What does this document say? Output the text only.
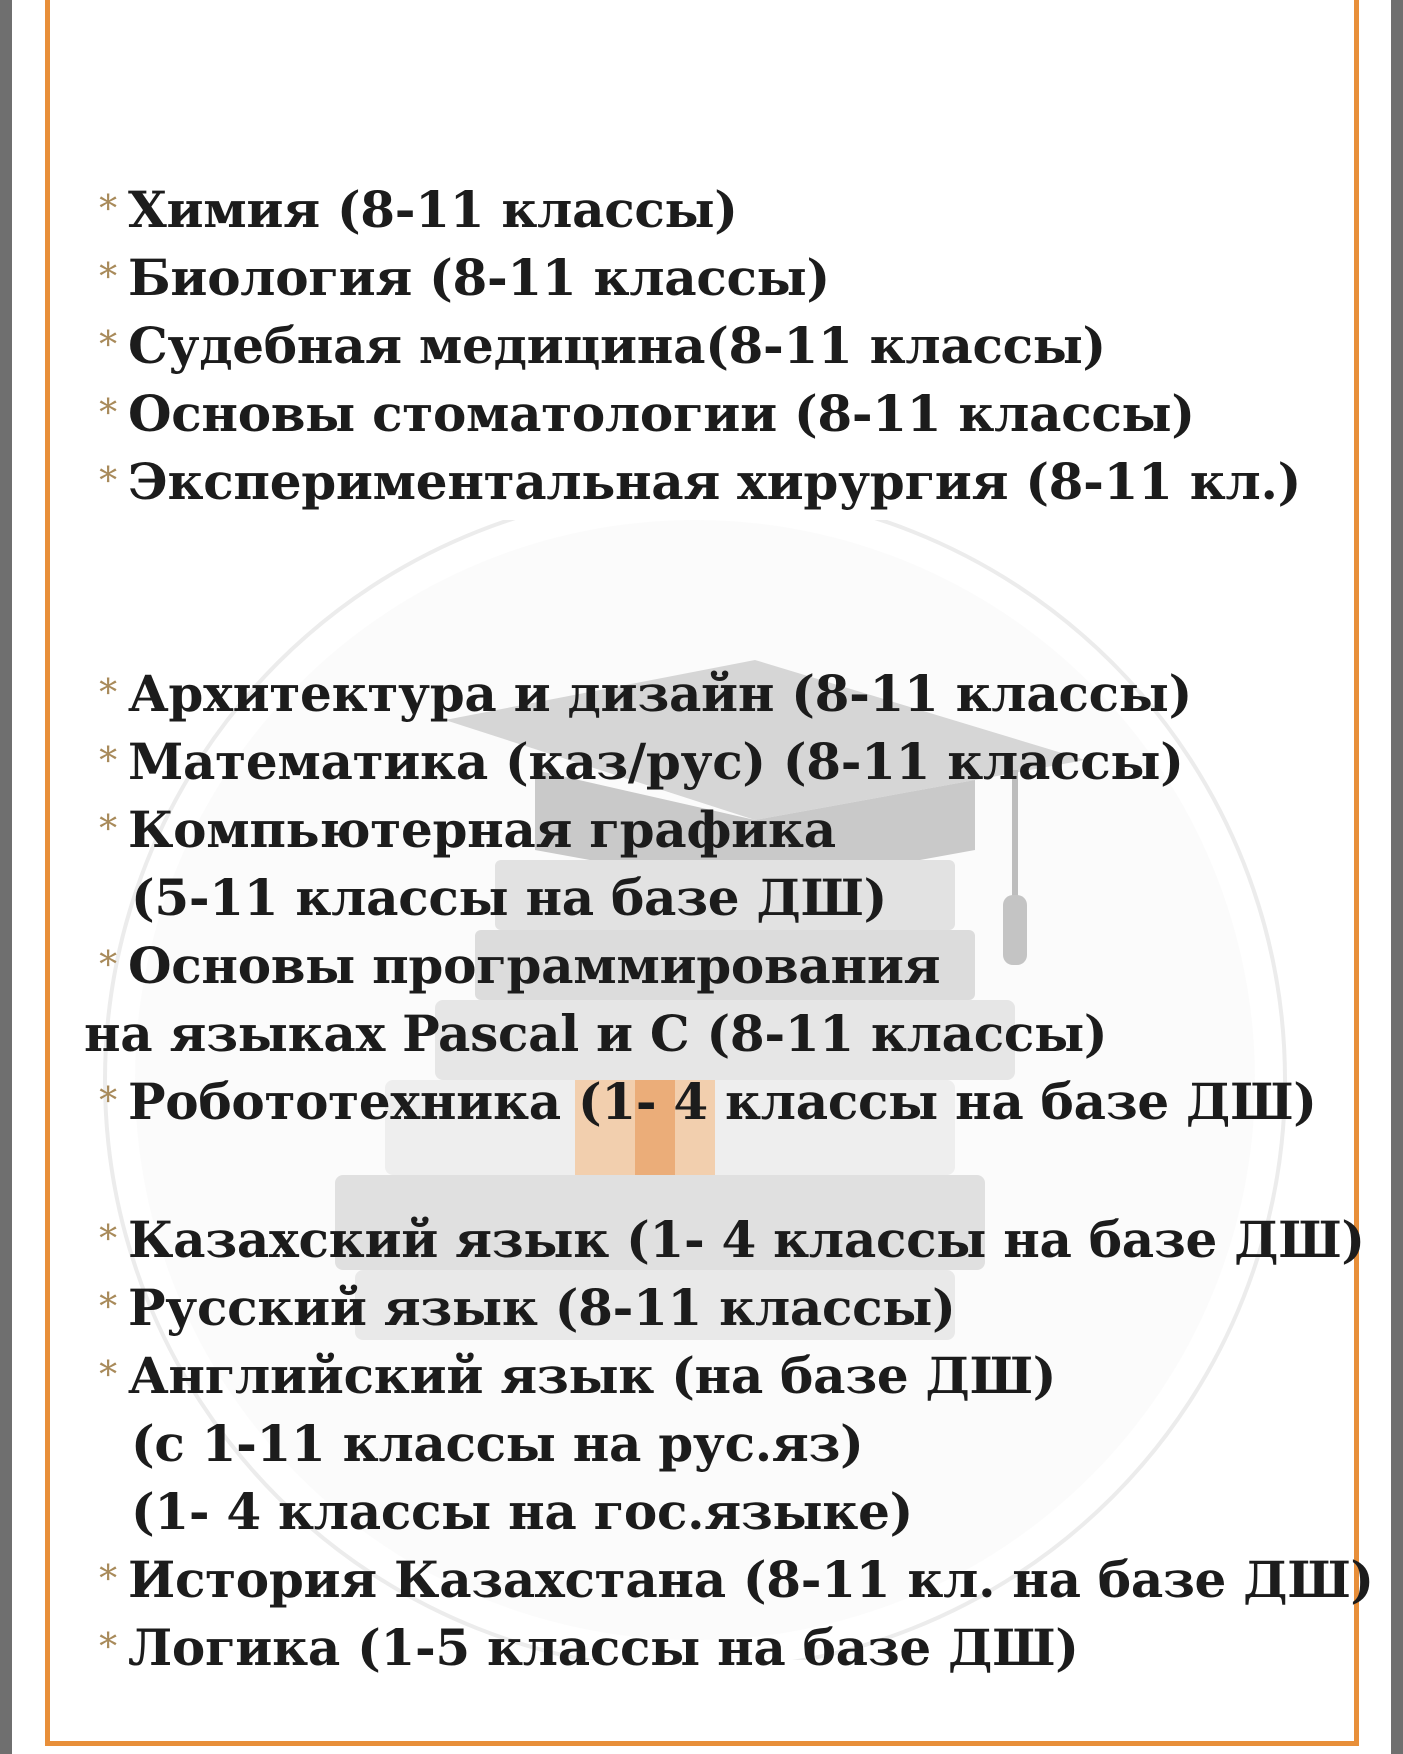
* Химия (8-11 классы)
* Биология (8-11 классы)
* Судебная медицина(8-11 классы)
* Основы стоматологии (8-11 классы)
* Экспериментальная хирургия (8-11 кл.)
* Архитектура и дизайн (8-11 классы)
* Математика (каз/рус) (8-11 классы)
* Компьютерная графика
(5-11 классы на базе ДШ)
* Основы программирования
на языках Pascal и С (8-11 классы)
* Робототехника (1- 4 классы на базе ДШ)
* Казахский язык (1- 4 классы на базе ДШ)
* Русский язык (8-11 классы)
* Английский язык (на базе ДШ)
(с 1-11 классы на рус.яз)
(1- 4 классы на гос.языке)
* История Казахстана (8-11 кл. на базе ДШ)
* Логика (1-5 классы на базе ДШ)
